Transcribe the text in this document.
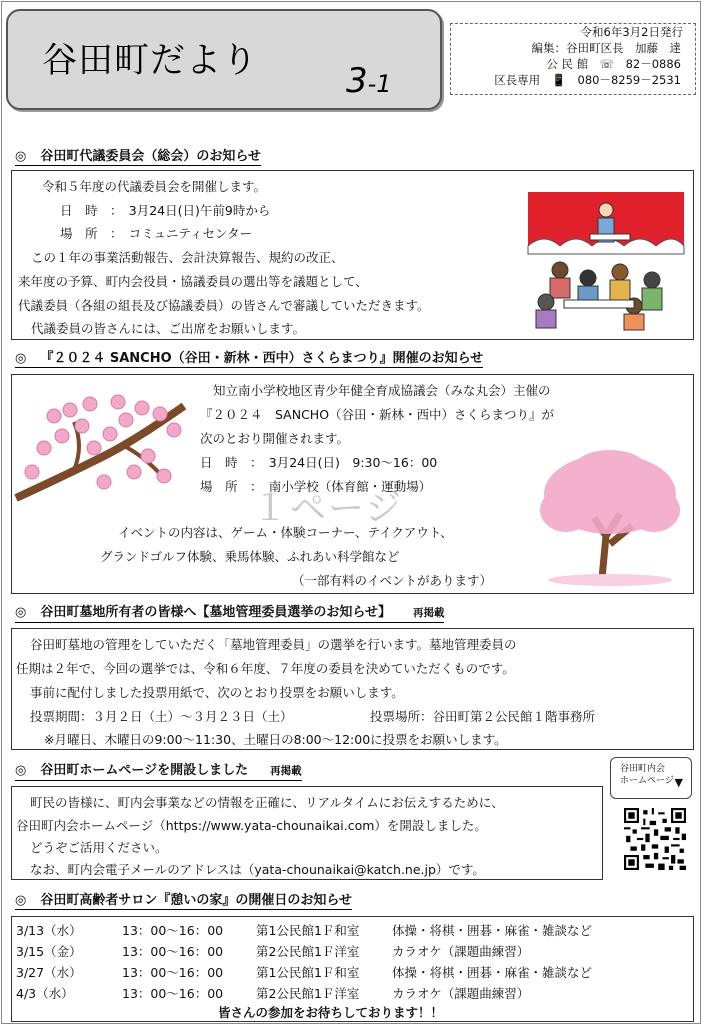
谷田町だより	3-1
令和6年3月2日発行
編集：谷田町区長　加藤　達
公 民 館　☏　82－0886
区長専用　📱　080－8259－2531
◎ 谷田町代議委員会（総会）のお知らせ
令和５年度の代議委員会を開催します。
日　時　：　3月24日(日)午前9時から
場　所　：　コミュニティセンター
この１年の事業活動報告、会計決算報告、規約の改正、
来年度の予算、町内会役員・協議委員の選出等を議題として、
代議委員（各組の組長及び協議委員）の皆さんで審議していただきます。
代議委員の皆さんには、ご出席をお願いします。
◎ 『２０２４ SANCHO（谷田・新林・西中）さくらまつり』開催のお知らせ
知立南小学校地区青少年健全育成協議会（みな丸会）主催の
『２０２４　SANCHO（谷田・新林・西中）さくらまつり』が
次のとおり開催されます。
日　時　：　3月24日(日)　9:30～16：00
場　所　：　南小学校（体育館・運動場）
１ページ
イベントの内容は、ゲーム・体験コーナー、テイクアウト、
グランドゴルフ体験、乗馬体験、ふれあい科学館など
（一部有料のイベントがあります）
◎ 谷田町墓地所有者の皆様へ【墓地管理委員選挙のお知らせ】 再掲載
谷田町墓地の管理をしていただく「墓地管理委員」の選挙を行います。墓地管理委員の
任期は２年で、今回の選挙では、令和６年度、７年度の委員を決めていただくものです。
事前に配付しました投票用紙で、次のとおり投票をお願いします。
投票期間：３月２日（土）～３月２３日（土）	投票場所：谷田町第２公民館１階事務所
※月曜日、木曜日の9:00～11:30、土曜日の8:00～12:00に投票をお願いします。
◎ 谷田町ホームページを開設しました 再掲載	谷田町内会
ホームページ ▼
町民の皆様に、町内会事業などの情報を正確に、リアルタイムにお伝えするために、
谷田町内会ホームページ（https://www.yata-chounaikai.com）を開設しました。
どうぞご活用ください。
なお、町内会電子メールのアドレスは（yata-chounaikai@katch.ne.jp）です。
◎ 谷田町高齢者サロン『憩いの家』の開催日のお知らせ
3/13（水）	13：00～16：00	第1公民館1Ｆ和室	体操・将棋・囲碁・麻雀・雑談など
3/15（金）	13：00～16：00	第2公民館1Ｆ洋室	カラオケ（課題曲練習）
3/27（水）	13：00～16：00	第1公民館1Ｆ和室	体操・将棋・囲碁・麻雀・雑談など
4/3（水）	13：00～16：00	第2公民館1Ｆ洋室	カラオケ（課題曲練習）
皆さんの参加をお待ちしております！！
